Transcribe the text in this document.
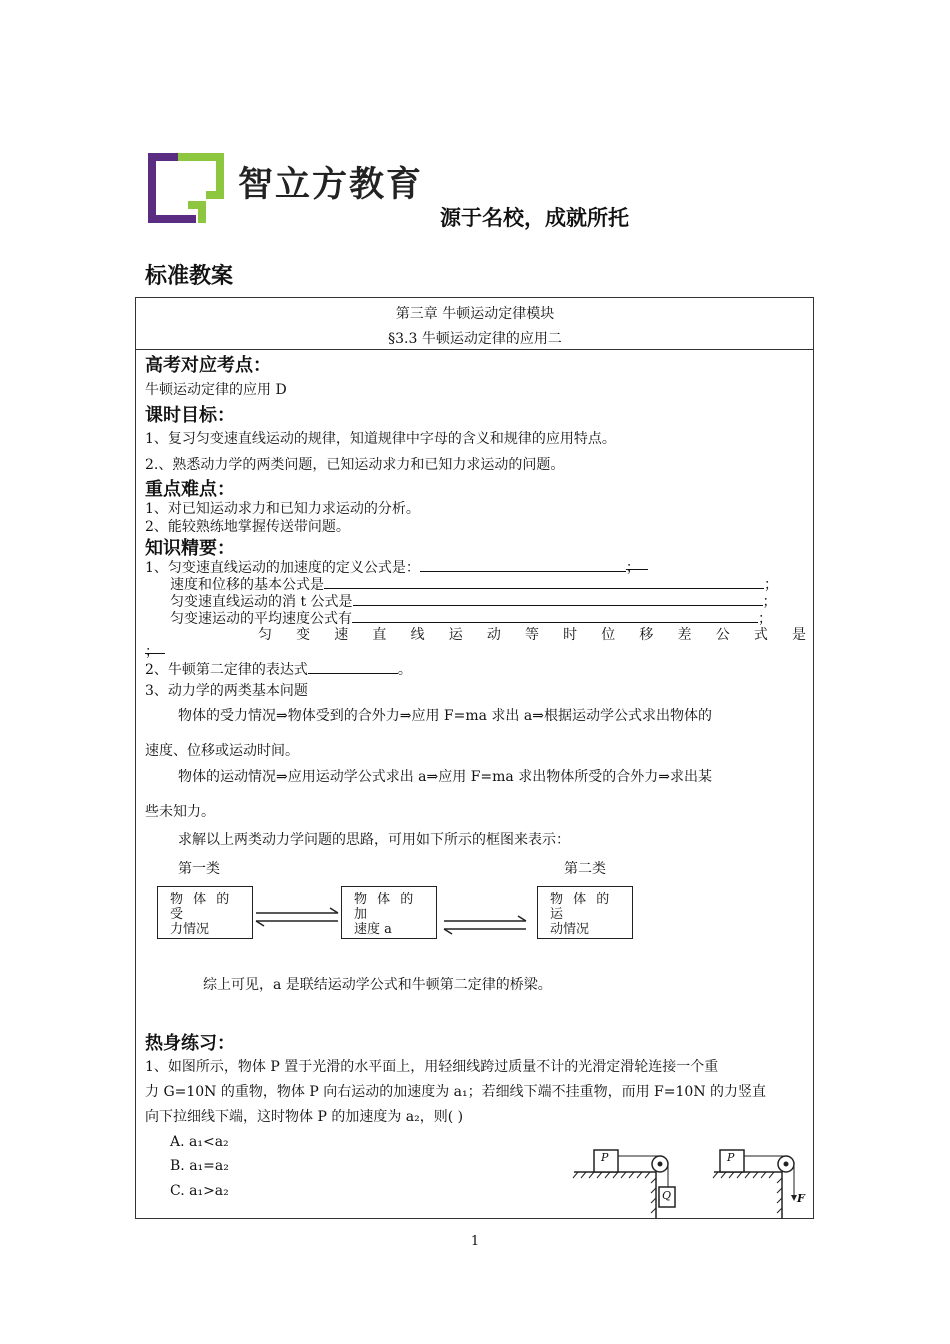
智立方教育
源于名校，成就所托
标准教案
第三章 牛顿运动定律模块
§3.3 牛顿运动定律的应用二
高考对应考点：
牛顿运动定律的应用 D
课时目标：
1、复习匀变速直线运动的规律，知道规律中字母的含义和规律的应用特点。
2.、熟悉动力学的两类问题，已知运动求力和已知力求运动的问题。
重点难点：
1、对已知运动求力和已知力求运动的分析。
2、能较熟练地掌握传送带问题。
知识精要：
1、匀变速直线运动的加速度的定义公式是：	；
速度和位移的基本公式是	；
匀变速直线运动的消 t 公式是	；
匀变速运动的平均速度公式有	；
匀 变 速 直 线 运 动 等 时 位 移 差 公 式 是
；
2、牛顿第二定律的表达式	。
3、动力学的两类基本问题
物体的受力情况⇒物体受到的合外力⇒应用 F=ma 求出 a⇒根据运动学公式求出物体的
速度、位移或运动时间。
物体的运动情况⇒应用运动学公式求出 a⇒应用 F=ma 求出物体所受的合外力⇒求出某
些未知力。
求解以上两类动力学问题的思路，可用如下所示的框图来表示：
第一类	第二类
物 体 的 受
力情况
物 体 的 加
速度 a
物 体 的 运
动情况
综上可见，a 是联结运动学公式和牛顿第二定律的桥梁。
热身练习：
1、如图所示，物体 P 置于光滑的水平面上，用轻细线跨过质量不计的光滑定滑轮连接一个重
力 G=10N 的重物，物体 P 向右运动的加速度为 a₁；若细线下端不挂重物，而用 F=10N 的力竖直
向下拉细线下端，这时物体 P 的加速度为 a₂，则( )
A. a₁<a₂
B. a₁=a₂
C. a₁>a₂
P
Q
P
F
1
